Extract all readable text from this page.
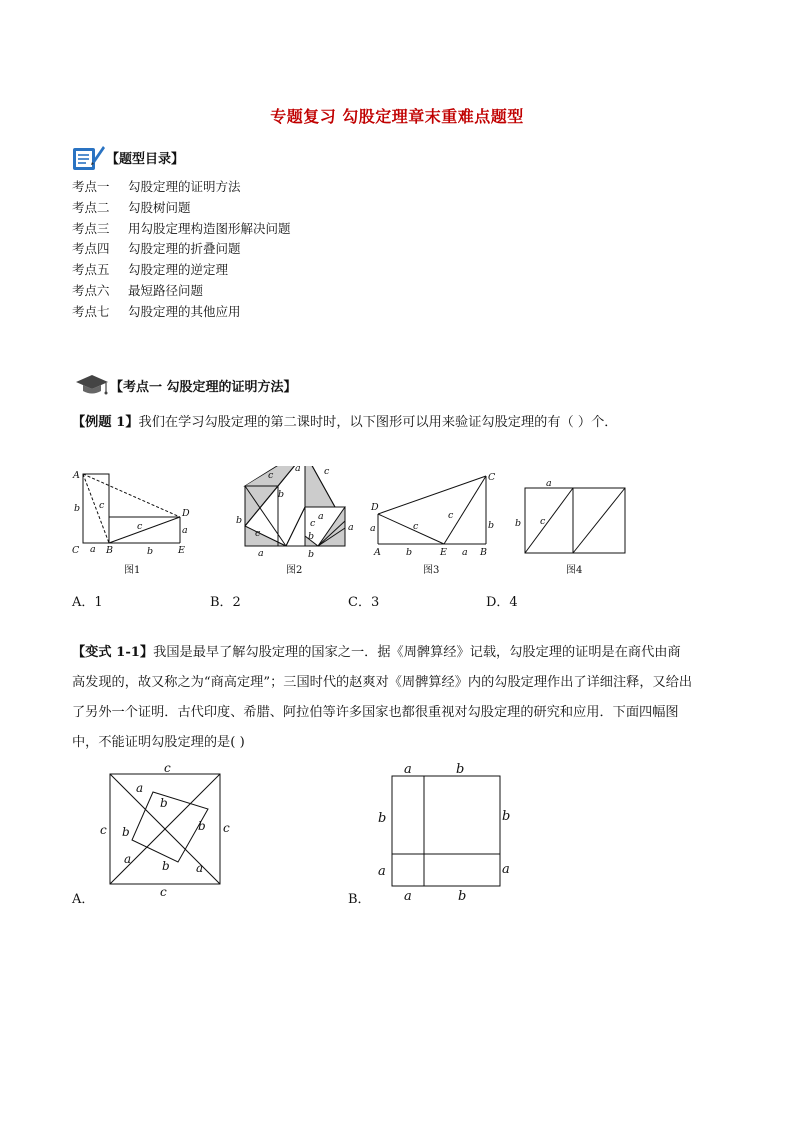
专题复习 勾股定理章末重难点题型
【题型目录】
考点一 勾股定理的证明方法
考点二 勾股树问题
考点三 用勾股定理构造图形解决问题
考点四 勾股定理的折叠问题
考点五 勾股定理的逆定理
考点六 最短路径问题
考点七 勾股定理的其他应用
【考点一 勾股定理的证明方法】
【例题 1】我们在学习勾股定理的第二课时时，以下图形可以用来验证勾股定理的有（ ）个．
A
b c
C a B
c
D
a
b	E
c
a c
b
b
c
c
a
a
b
a	b
D
a	c
c
b
C
A	b	E a B
a
b c
图1	图2	图3	图4
A．1	B．2	C．3	D．4
【变式 1-1】我国是最早了解勾股定理的国家之一．据《周髀算经》记载，勾股定理的证明是在商代由商
高发现的，故又称之为“商高定理”；三国时代的赵爽对《周髀算经》内的勾股定理作出了详细注释，又给出
了另外一个证明．古代印度、希腊、阿拉伯等许多国家也都很重视对勾股定理的研究和应用．下面四幅图
中，不能证明勾股定理的是( )
c
a
b
c b	b c
a	b a
c
A．
a	b
b	b
a	a
a	b
B．
